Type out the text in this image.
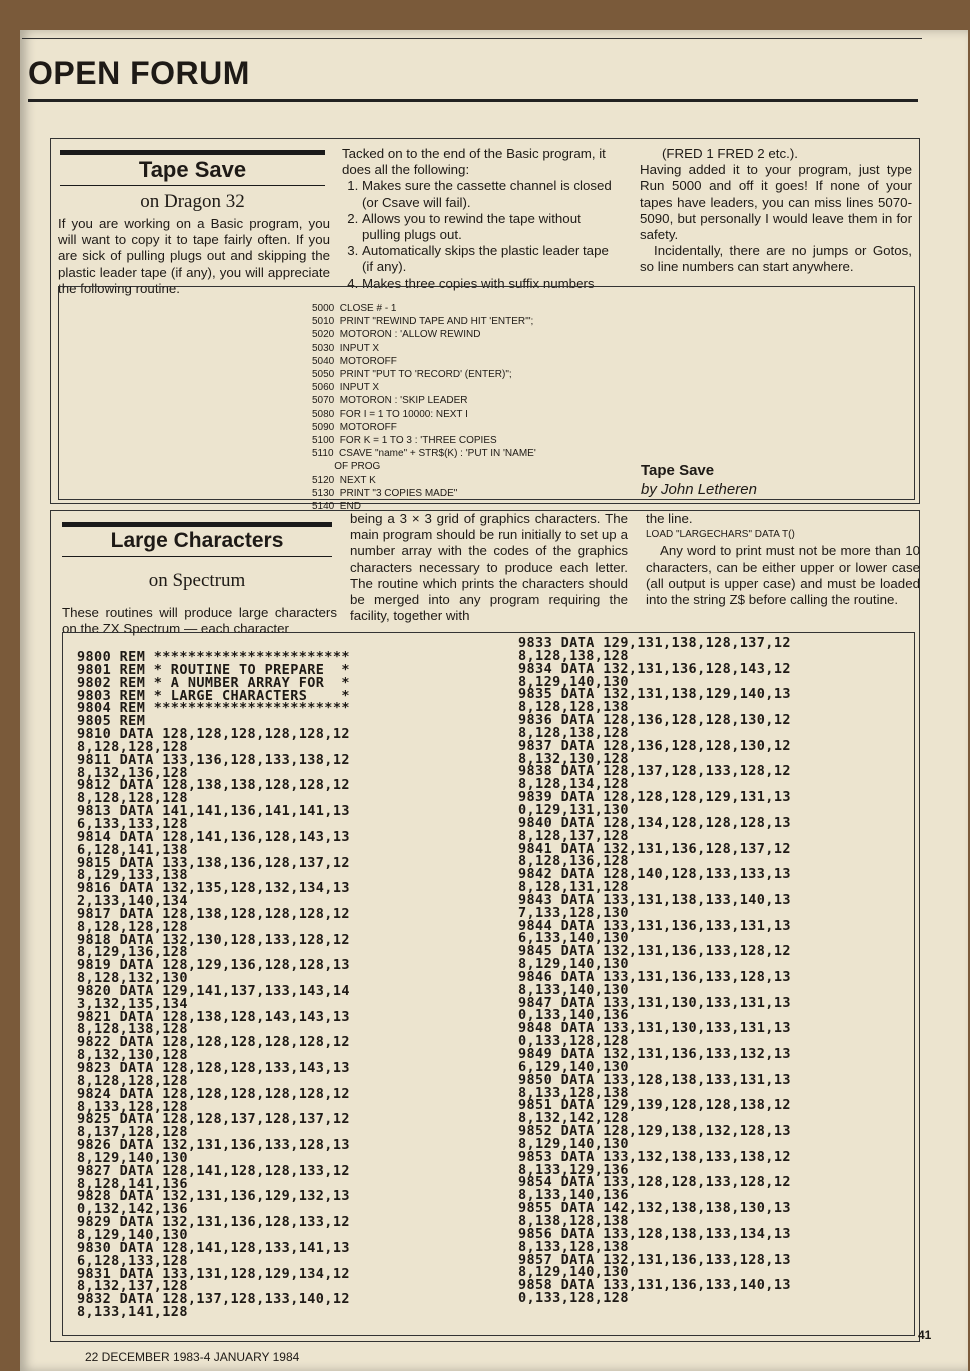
OPEN FORUM
Tape Save
on Dragon 32

If you are working on a Basic program, you will want to copy it to tape fairly often. If you are sick of pulling plugs out and skipping the plastic leader tape (if any), you will appreciate the following routine.

Tacked on to the end of the Basic program, it does all the following:

1. Makes sure the cassette channel is closed (or Csave will fail).
2. Allows you to rewind the tape without pulling plugs out.
3. Automatically skips the plastic leader tape (if any).
4. Makes three copies with suffix numbers

(FRED 1 FRED 2 etc.).

Having added it to your program, just type Run 5000 and off it goes! If none of your tapes have leaders, you can miss lines 5070-5090, but personally I would leave them in for safety.

Incidentally, there are no jumps or Gotos, so line numbers can start anywhere.

5000  CLOSE # - 1
5010  PRINT "REWIND TAPE AND HIT 'ENTER'";
5020  MOTORON : 'ALLOW REWIND
5030  INPUT X
5040  MOTOROFF
5050  PRINT "PUT TO 'RECORD' (ENTER)";
5060  INPUT X
5070  MOTORON : 'SKIP LEADER
5080  FOR I = 1 TO 10000: NEXT I
5090  MOTOROFF
5100  FOR K = 1 TO 3 : 'THREE COPIES
5110  CSAVE "name" + STR$(K) : 'PUT IN 'NAME'
OF PROG
5120  NEXT K
5130  PRINT "3 COPIES MADE"
5140  END
Tape Save
by John Letheren
Large Characters
on Spectrum

These routines will produce large characters on the ZX Spectrum — each character

being a 3 × 3 grid of graphics characters. The main program should be run initially to set up a number array with the codes of the graphics characters necessary to produce each letter. The routine which prints the characters should be merged into any program requiring the facility, together with

the line.

LOAD "LARGECHARS" DATA T()

Any word to print must not be more than 10 characters, can be either upper or lower case (all output is upper case) and must be loaded into the string Z$ before calling the routine.

9800 REM ***********************
9801 REM * ROUTINE TO PREPARE  *
9802 REM * A NUMBER ARRAY FOR  *
9803 REM * LARGE CHARACTERS    *
9804 REM ***********************
9805 REM
9810 DATA 128,128,128,128,128,12
8,128,128,128
9811 DATA 133,136,128,133,138,12
8,132,136,128
9812 DATA 128,138,138,128,128,12
8,128,128,128
9813 DATA 141,141,136,141,141,13
6,133,133,128
9814 DATA 128,141,136,128,143,13
6,128,141,138
9815 DATA 133,138,136,128,137,12
8,129,133,138
9816 DATA 132,135,128,132,134,13
2,133,140,134
9817 DATA 128,138,128,128,128,12
8,128,128,128
9818 DATA 132,130,128,133,128,12
8,129,136,128
9819 DATA 128,129,136,128,128,13
8,128,132,130
9820 DATA 129,141,137,133,143,14
3,132,135,134
9821 DATA 128,138,128,143,143,13
8,128,138,128
9822 DATA 128,128,128,128,128,12
8,132,130,128
9823 DATA 128,128,128,133,143,13
8,128,128,128
9824 DATA 128,128,128,128,128,12
8,133,128,128
9825 DATA 128,128,137,128,137,12
8,137,128,128
9826 DATA 132,131,136,133,128,13
8,129,140,130
9827 DATA 128,141,128,128,133,12
8,128,141,136
9828 DATA 132,131,136,129,132,13
0,132,142,136
9829 DATA 132,131,136,128,133,12
8,129,140,130
9830 DATA 128,141,128,133,141,13
6,128,133,128
9831 DATA 133,131,128,129,134,12
8,132,137,128
9832 DATA 128,137,128,133,140,12
8,133,141,128
9833 DATA 129,131,138,128,137,12
8,128,138,128
9834 DATA 132,131,136,128,143,12
8,129,140,130
9835 DATA 132,131,138,129,140,13
8,128,128,138
9836 DATA 128,136,128,128,130,12
8,128,138,128
9837 DATA 128,136,128,128,130,12
8,132,130,128
9838 DATA 128,137,128,133,128,12
8,128,134,128
9839 DATA 128,128,128,129,131,13
0,129,131,130
9840 DATA 128,134,128,128,128,13
8,128,137,128
9841 DATA 132,131,136,128,137,12
8,128,136,128
9842 DATA 128,140,128,133,133,13
8,128,131,128
9843 DATA 133,131,138,133,140,13
7,133,128,130
9844 DATA 133,131,136,133,131,13
6,133,140,130
9845 DATA 132,131,136,133,128,12
8,129,140,130
9846 DATA 133,131,136,133,128,13
8,133,140,130
9847 DATA 133,131,130,133,131,13
0,133,140,136
9848 DATA 133,131,130,133,131,13
0,133,128,128
9849 DATA 132,131,136,133,132,13
6,129,140,130
9850 DATA 133,128,138,133,131,13
8,133,128,138
9851 DATA 129,139,128,128,138,12
8,132,142,128
9852 DATA 128,129,138,132,128,13
8,129,140,130
9853 DATA 133,132,138,133,138,12
8,133,129,136
9854 DATA 133,128,128,133,128,12
8,133,140,136
9855 DATA 142,132,138,138,130,13
8,138,128,138
9856 DATA 133,128,138,133,134,13
8,133,128,138
9857 DATA 132,131,136,133,128,13
8,129,140,130
9858 DATA 133,131,136,133,140,13
0,133,128,128
22 DECEMBER 1983-4 JANUARY 1984
41
